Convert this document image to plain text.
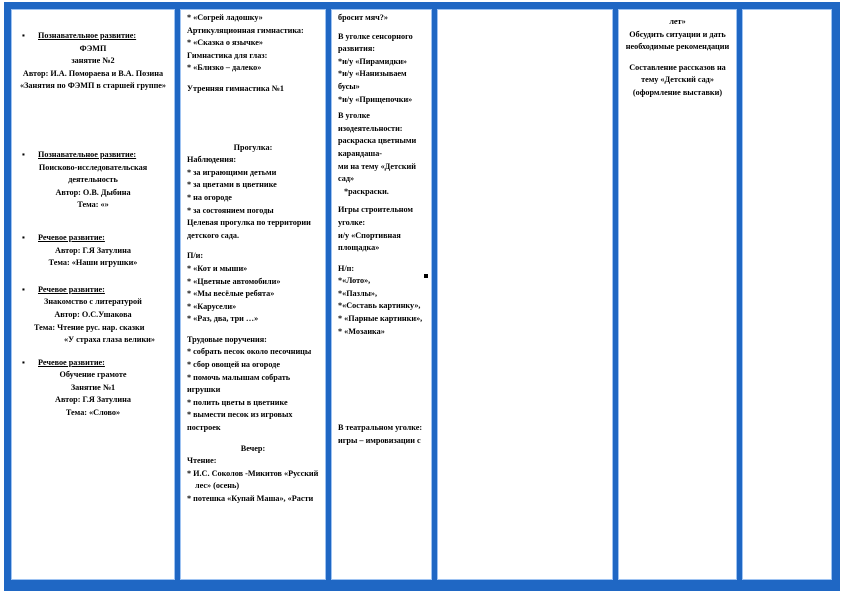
▪ Познавательное развитие:
ФЭМП
занятие №2
Автор: И.А. Помораева и В.А. Позина
«Занятия по ФЭМП в старшей группе»
▪ Познавательное развитие:
Поисково-исследовательская деятельность
Автор: О.В. Дыбина
Тема: «»
▪ Речевое развитие:
Автор: Г.Я Затулина
Тема: «Наши игрушки»
▪ Речевое развитие:
Знакомство с литературой
Автор: О.С.Ушакова
Тема: Чтение рус. нар. сказки
«У страха глаза велики»
▪ Речевое развитие:
Обучение грамоте
Занятие №1
Автор: Г.Я Затулина
Тема: «Слово»
* «Согрей ладошку»
Артикуляционная гимнастика:
* «Сказка о язычке»
Гимнастика для глаз:
* «Близко – далеко»
Утренняя гимнастика №1
Прогулка:
Наблюдения:
* за играющими детьми
* за цветами в цветнике
* на огороде
* за состоянием погоды
Целевая прогулка по территории детского сада.
П/и:
* «Кот и мыши»
* «Цветные автомобили»
* «Мы весёлые ребята»
* «Карусели»
* «Раз, два, три …»
Трудовые поручения:
* собрать песок около песочницы
* сбор овощей на огороде
* помочь малышам собрать игрушки
* полить цветы в цветнике
* вымести песок из игровых построек
Вечер:
Чтение:
* И.С. Соколов -Микитов «Русский
лес» (осень)
* потешка «Купай Маша», «Расти
бросит мяч?»
В уголке сенсорного развития:
*и/у «Пирамидки»
*и/у «Нанизываем бусы»
*и/у «Прищепочки»
В уголке изодеятельности:
раскраска цветными карандаша-
ми на тему «Детский сад»
*раскраски.
Игры строительном уголке:
и/у «Спортивная площадка»
Н/п:
*«Лото»,
*«Пазлы»,
*«Составь картинку»,
* «Парные картинки»,
* «Мозаика»
В театральном уголке: игры – имровизации с
лет»
Обсудить ситуации и дать необходимые рекомендации
Составление рассказов на тему «Детский сад» (оформление выставки)
